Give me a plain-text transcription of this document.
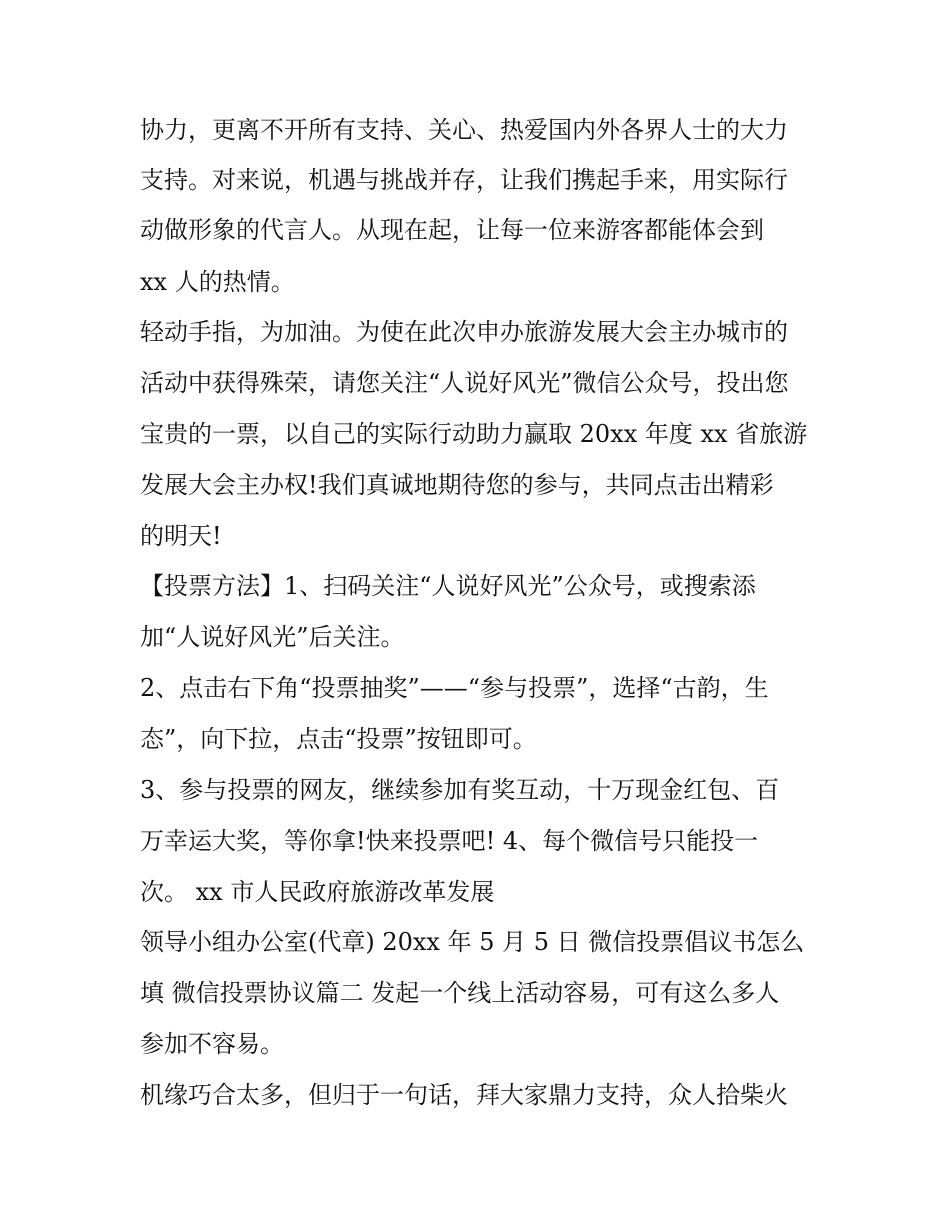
协力，更离不开所有支持、关心、热爱国内外各界人士的大力
支持。对来说，机遇与挑战并存，让我们携起手来，用实际行
动做形象的代言人。从现在起，让每一位来游客都能体会到
xx 人的热情。
轻动手指，为加油。为使在此次申办旅游发展大会主办城市的
活动中获得殊荣，请您关注“人说好风光”微信公众号，投出您
宝贵的一票，以自己的实际行动助力赢取 20xx 年度 xx 省旅游
发展大会主办权!我们真诚地期待您的参与，共同点击出精彩
的明天!
【投票方法】1、扫码关注“人说好风光”公众号，或搜索添
加“人说好风光”后关注。
2、点击右下角“投票抽奖”——“参与投票”，选择“古韵，生
态”，向下拉，点击“投票”按钮即可。
3、参与投票的网友，继续参加有奖互动，十万现金红包、百
万幸运大奖，等你拿!快来投票吧! 4、每个微信号只能投一
次。 xx 市人民政府旅游改革发展
领导小组办公室(代章) 20xx 年 5 月 5 日 微信投票倡议书怎么
填 微信投票协议篇二 发起一个线上活动容易，可有这么多人
参加不容易。
机缘巧合太多，但归于一句话，拜大家鼎力支持，众人拾柴火
